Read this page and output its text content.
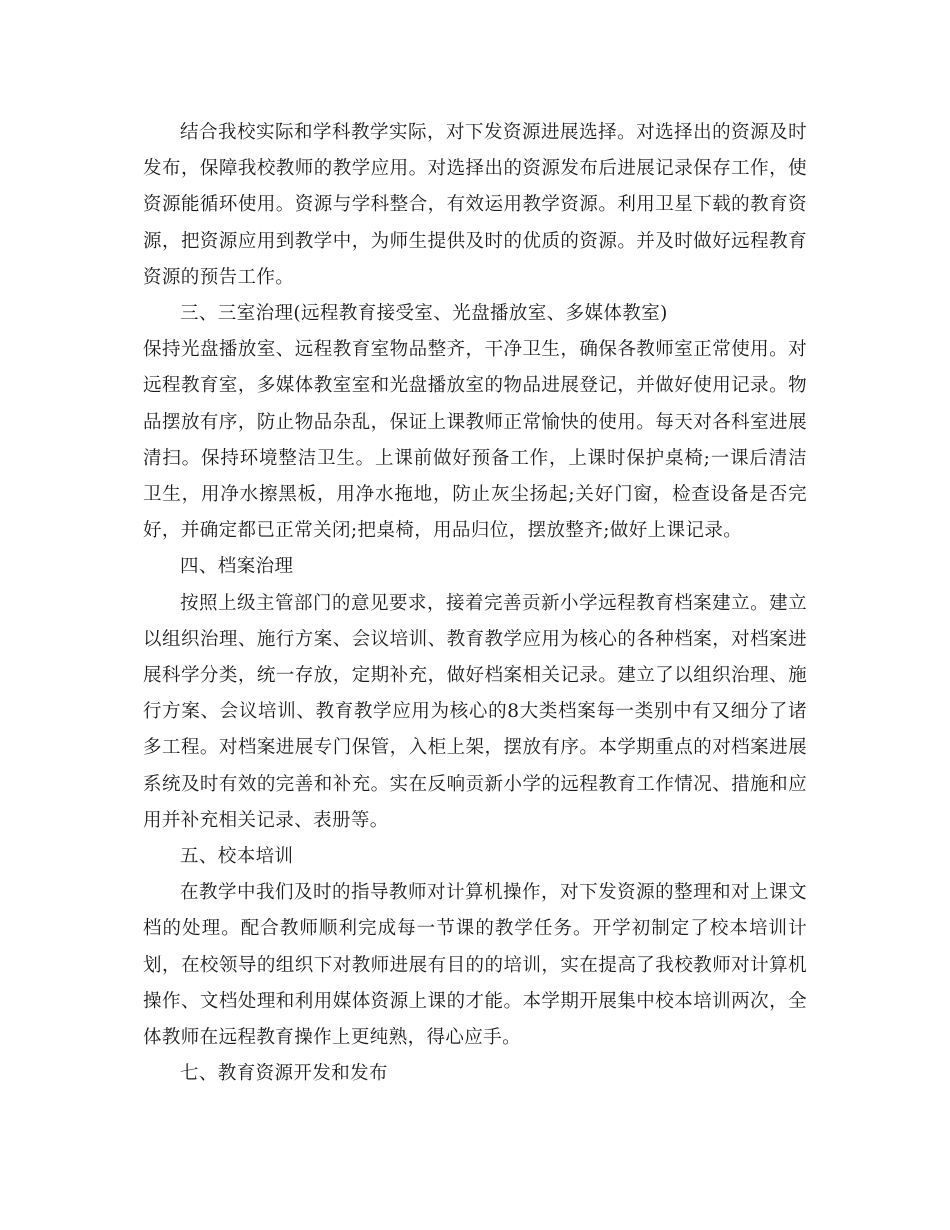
结合我校实际和学科教学实际，对下发资源进展选择。对选择出的资源及时发布，保障我校教师的教学应用。对选择出的资源发布后进展记录保存工作，使资源能循环使用。资源与学科整合，有效运用教学资源。利用卫星下载的教育资源，把资源应用到教学中，为师生提供及时的优质的资源。并及时做好远程教育资源的预告工作。

三、三室治理(远程教育接受室、光盘播放室、多媒体教室)

保持光盘播放室、远程教育室物品整齐，干净卫生，确保各教师室正常使用。对远程教育室，多媒体教室室和光盘播放室的物品进展登记，并做好使用记录。物品摆放有序，防止物品杂乱，保证上课教师正常愉快的使用。每天对各科室进展清扫。保持环境整洁卫生。上课前做好预备工作，上课时保护桌椅;一课后清洁卫生，用净水擦黑板，用净水拖地，防止灰尘扬起;关好门窗，检查设备是否完好，并确定都已正常关闭;把桌椅，用品归位，摆放整齐;做好上课记录。

四、档案治理

按照上级主管部门的意见要求，接着完善贡新小学远程教育档案建立。建立以组织治理、施行方案、会议培训、教育教学应用为核心的各种档案，对档案进展科学分类，统一存放，定期补充，做好档案相关记录。建立了以组织治理、施行方案、会议培训、教育教学应用为核心的8大类档案每一类别中有又细分了诸多工程。对档案进展专门保管，入柜上架，摆放有序。本学期重点的对档案进展系统及时有效的完善和补充。实在反响贡新小学的远程教育工作情况、措施和应用并补充相关记录、表册等。

五、校本培训

在教学中我们及时的指导教师对计算机操作，对下发资源的整理和对上课文档的处理。配合教师顺利完成每一节课的教学任务。开学初制定了校本培训计划，在校领导的组织下对教师进展有目的的培训，实在提高了我校教师对计算机操作、文档处理和利用媒体资源上课的才能。本学期开展集中校本培训两次，全体教师在远程教育操作上更纯熟，得心应手。

七、教育资源开发和发布
